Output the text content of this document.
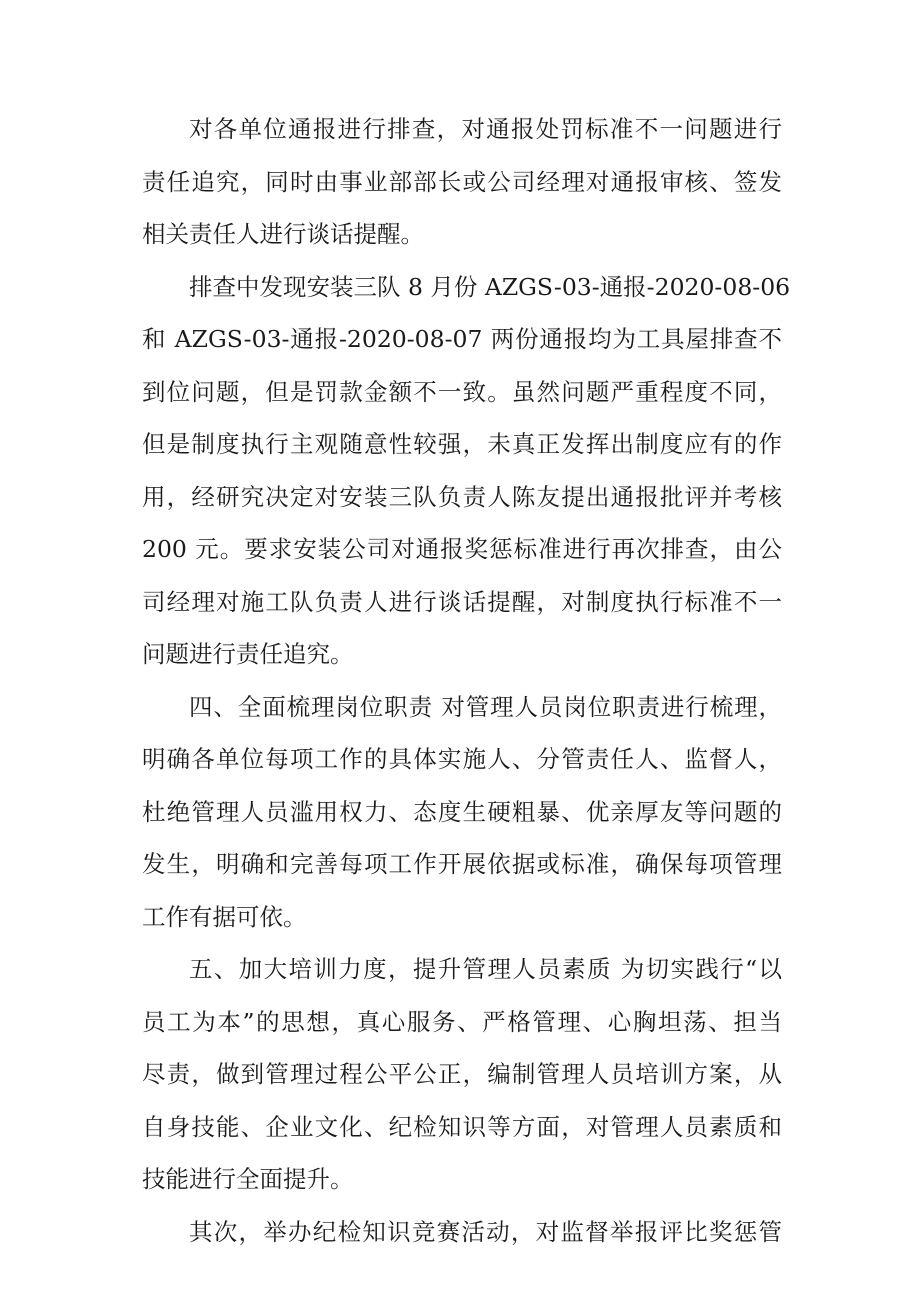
对各单位通报进行排查，对通报处罚标准不一问题进行
责任追究，同时由事业部部长或公司经理对通报审核、签发
相关责任人进行谈话提醒。
排查中发现安装三队 8 月份 AZGS-03-通报-2020-08-06
和 AZGS-03-通报-2020-08-07 两份通报均为工具屋排查不
到位问题，但是罚款金额不一致。虽然问题严重程度不同，
但是制度执行主观随意性较强，未真正发挥出制度应有的作
用，经研究决定对安装三队负责人陈友提出通报批评并考核
200 元。要求安装公司对通报奖惩标准进行再次排查，由公
司经理对施工队负责人进行谈话提醒，对制度执行标准不一
问题进行责任追究。
四、全面梳理岗位职责 对管理人员岗位职责进行梳理，
明确各单位每项工作的具体实施人、分管责任人、监督人，
杜绝管理人员滥用权力、态度生硬粗暴、优亲厚友等问题的
发生，明确和完善每项工作开展依据或标准，确保每项管理
工作有据可依。
五、加大培训力度，提升管理人员素质 为切实践行“以
员工为本”的思想，真心服务、严格管理、心胸坦荡、担当
尽责，做到管理过程公平公正，编制管理人员培训方案，从
自身技能、企业文化、纪检知识等方面，对管理人员素质和
技能进行全面提升。
其次，举办纪检知识竞赛活动，对监督举报评比奖惩管
